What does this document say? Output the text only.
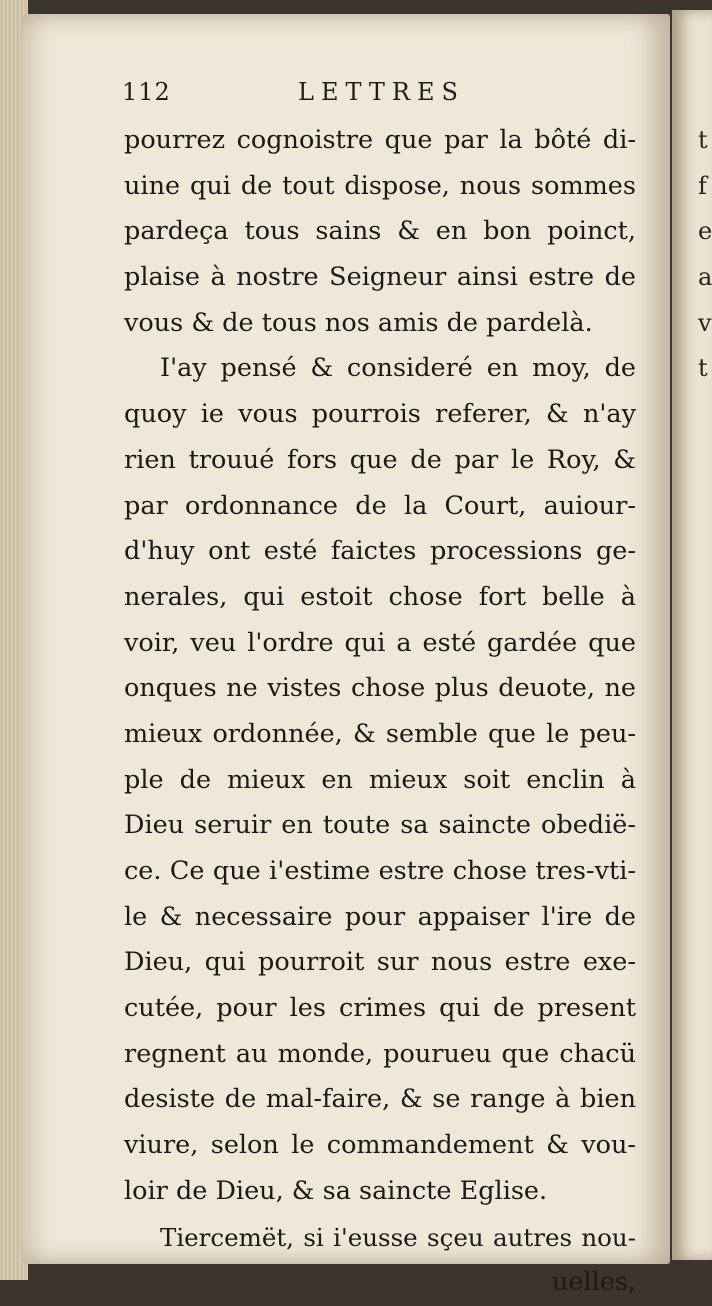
t
f
e
a
v
t
112	LETTRES
pourrez cognoistre que par la bôté di-
uine qui de tout dispose, nous sommes
pardeça tous sains & en bon poinct,
plaise à nostre Seigneur ainsi estre de
vous & de tous nos amis de pardelà.
I'ay pensé & consideré en moy, de
quoy ie vous pourrois referer, & n'ay
rien trouué fors que de par le Roy, &
par ordonnance de la Court, auiour-
d'huy ont esté faictes processions ge-
nerales, qui estoit chose fort belle à
voir, veu l'ordre qui a esté gardée que
onques ne vistes chose plus deuote, ne
mieux ordonnée, & semble que le peu-
ple de mieux en mieux soit enclin à
Dieu seruir en toute sa saincte obedië-
ce. Ce que i'estime estre chose tres-vti-
le & necessaire pour appaiser l'ire de
Dieu, qui pourroit sur nous estre exe-
cutée, pour les crimes qui de present
regnent au monde, pourueu que chacü
desiste de mal-faire, & se range à bien
viure, selon le commandement & vou-
loir de Dieu, & sa saincte Eglise.
Tiercemët, si i'eusse sçeu autres nou-
uelles,
